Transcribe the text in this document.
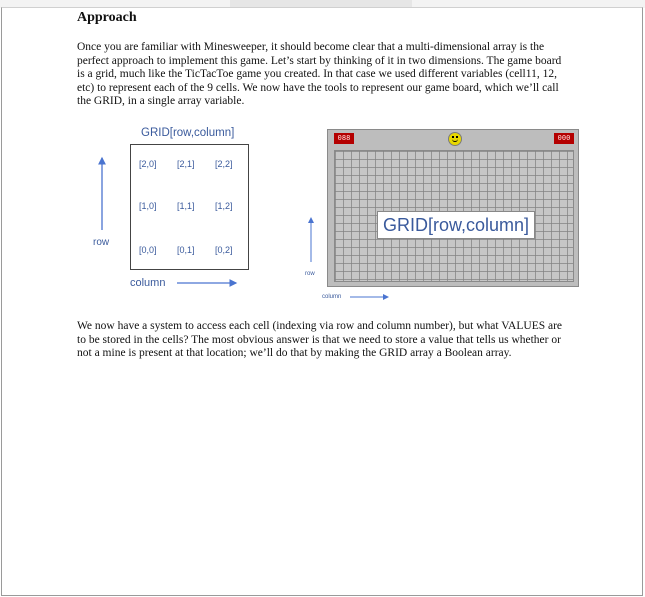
Approach

Once you are familiar with Minesweeper, it should become clear that a multi-dimensional array is the perfect approach to implement this game. Let’s start by thinking of it in two dimensions. The game board is a grid, much like the TicTacToe game you created. In that case we used different variables (cell11, 12, etc) to represent each of the 9 cells. We now have the tools to represent our game board, which we’ll call the GRID, in a single array variable.

GRID[row,column]
[2,0] [2,1] [2,2]
[1,0] [1,1] [1,2]
[0,0] [0,1] [0,2]
row
column
088	000
GRID[row,column]
row
column

We now have a system to access each cell (indexing via row and column number), but what VALUES are to be stored in the cells? The most obvious answer is that we need to store a value that tells us whether or not a mine is present at that location; we’ll do that by making the GRID array a Boolean array.
